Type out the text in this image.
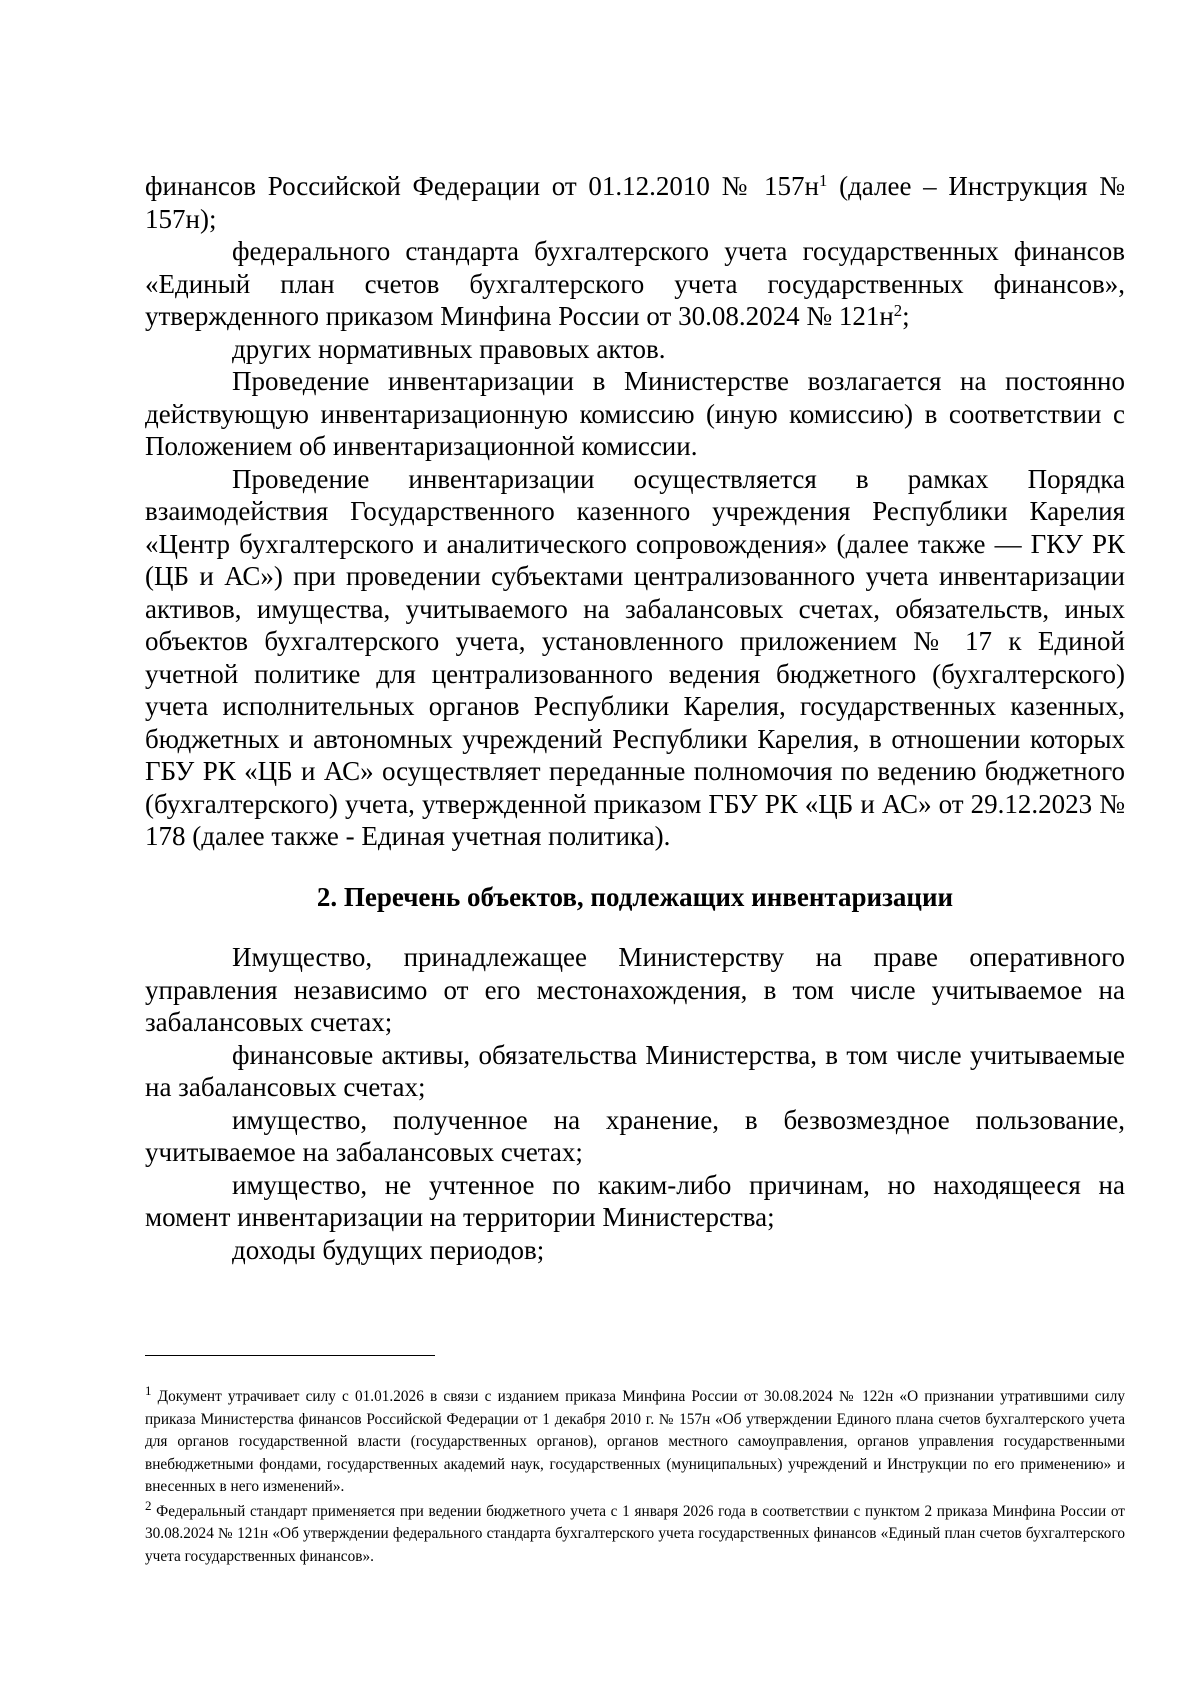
финансов Российской Федерации от 01.12.2010 № $157н^1$ (далее – Инструкция № 157н);

федерального стандарта бухгалтерского учета государственных финансов «Единый план счетов бухгалтерского учета государственных финансов», утвержденного приказом Минфина России от 30.08.2024 № $121н^2$;

других нормативных правовых актов.

Проведение инвентаризации в Министерстве возлагается на постоянно действующую инвентаризационную комиссию (иную комиссию) в соответствии с Положением об инвентаризационной комиссии.

Проведение инвентаризации осуществляется в рамках Порядка взаимодействия Государственного казенного учреждения Республики Карелия «Центр бухгалтерского и аналитического сопровождения» (далее также — ГКУ РК (ЦБ и АС») при проведении субъектами централизованного учета инвентаризации активов, имущества, учитываемого на забалансовых счетах, обязательств, иных объектов бухгалтерского учета, установленного приложением № 17 к Единой учетной политике для централизованного ведения бюджетного (бухгалтерского) учета исполнительных органов Республики Карелия, государственных казенных, бюджетных и автономных учреждений Республики Карелия, в отношении которых ГБУ РК «ЦБ и АС» осуществляет переданные полномочия по ведению бюджетного (бухгалтерского) учета, утвержденной приказом ГБУ РК «ЦБ и АС» от 29.12.2023 № 178 (далее также - Единая учетная политика).

2. Перечень объектов, подлежащих инвентаризации

Имущество, принадлежащее Министерству на праве оперативного управления независимо от его местонахождения, в том числе учитываемое на забалансовых счетах;

финансовые активы, обязательства Министерства, в том числе учитываемые на забалансовых счетах;

имущество, полученное на хранение, в безвозмездное пользование, учитываемое на забалансовых счетах;

имущество, не учтенное по каким-либо причинам, но находящееся на момент инвентаризации на территории Министерства;

доходы будущих периодов;

$^1$ Документ утрачивает силу с 01.01.2026 в связи с изданием приказа Минфина России от 30.08.2024 № 122н «О признании утратившими силу приказа Министерства финансов Российской Федерации от 1 декабря 2010 г. № 157н «Об утверждении Единого плана счетов бухгалтерского учета для органов государственной власти (государственных органов), органов местного самоуправления, органов управления государственными внебюджетными фондами, государственных академий наук, государственных (муниципальных) учреждений и Инструкции по его применению» и внесенных в него изменений».

$^2$ Федеральный стандарт применяется при ведении бюджетного учета с 1 января 2026 года в соответствии с пунктом 2 приказа Минфина России от 30.08.2024 № 121н «Об утверждении федерального стандарта бухгалтерского учета государственных финансов «Единый план счетов бухгалтерского учета государственных финансов».
